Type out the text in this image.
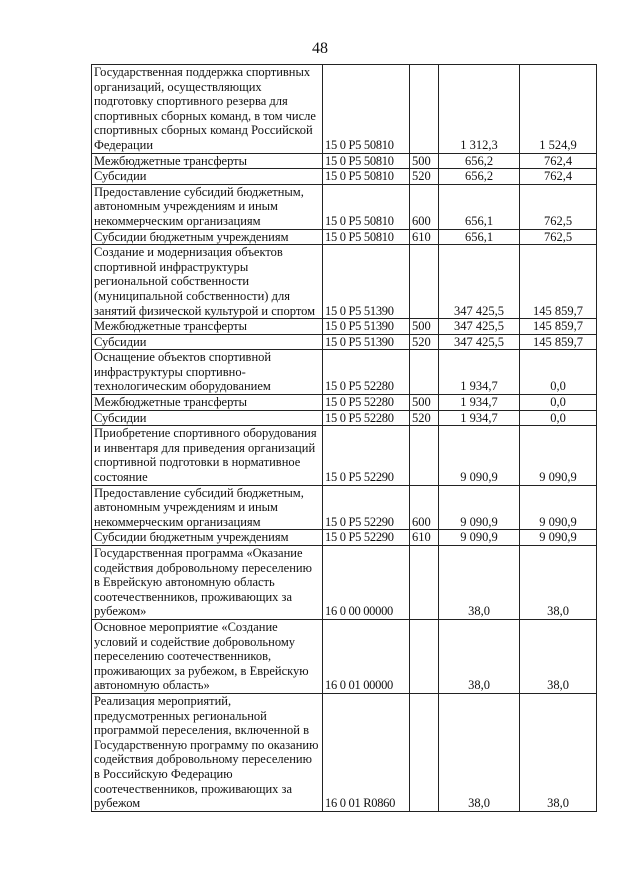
48
Государственная поддержка спортивных организаций, осуществляющих подготовку спортивного резерва для спортивных сборных команд, в том числе спортивных сборных команд Российской Федерации	15 0 P5 50810		1 312,3	1 524,9
Межбюджетные трансферты	15 0 P5 50810	500	656,2	762,4
Субсидии	15 0 P5 50810	520	656,2	762,4
Предоставление субсидий бюджетным, автономным учреждениям и иным некоммерческим организациям	15 0 P5 50810	600	656,1	762,5
Субсидии бюджетным учреждениям	15 0 P5 50810	610	656,1	762,5
Создание и модернизация объектов спортивной инфраструктуры региональной собственности (муниципальной собственности) для занятий физической культурой и спортом	15 0 P5 51390		347 425,5	145 859,7
Межбюджетные трансферты	15 0 P5 51390	500	347 425,5	145 859,7
Субсидии	15 0 P5 51390	520	347 425,5	145 859,7
Оснащение объектов спортивной инфраструктуры спортивно-технологическим оборудованием	15 0 P5 52280		1 934,7	0,0
Межбюджетные трансферты	15 0 P5 52280	500	1 934,7	0,0
Субсидии	15 0 P5 52280	520	1 934,7	0,0
Приобретение спортивного оборудования и инвентаря для приведения организаций спортивной подготовки в нормативное состояние	15 0 P5 52290		9 090,9	9 090,9
Предоставление субсидий бюджетным, автономным учреждениям и иным некоммерческим организациям	15 0 P5 52290	600	9 090,9	9 090,9
Субсидии бюджетным учреждениям	15 0 P5 52290	610	9 090,9	9 090,9
Государственная программа «Оказание содействия добровольному переселению в Еврейскую автономную область соотечественников, проживающих за рубежом»	16 0 00 00000		38,0	38,0
Основное мероприятие «Создание условий и содействие добровольному переселению соотечественников, проживающих за рубежом, в Еврейскую автономную область»	16 0 01 00000		38,0	38,0
Реализация мероприятий, предусмотренных региональной программой переселения, включенной в Государственную программу по оказанию содействия добровольному переселению в Российскую Федерацию соотечественников, проживающих за рубежом	16 0 01 R0860		38,0	38,0
